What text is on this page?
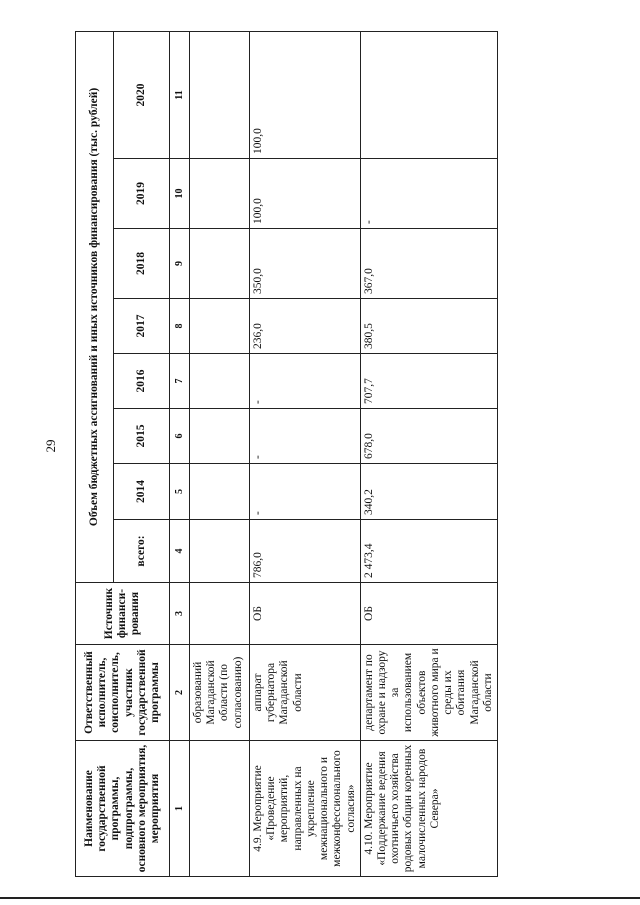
29
Наименование государственной программы, подпрограммы, основного мероприятия, мероприятия	Ответственный исполнитель, соисполнитель, участник государственной программы	Источник финанси-рования	Объем бюджетных ассигнований и иных источников финансирования (тыс. рублей)							
			всего:	2014	2015	2016	2017	2018	2019	2020
1	2	3	4	5	6	7	8	9	10	11
	образований Магаданской области (по согласованию)									
4.9. Мероприятие «Проведение мероприятий, направленных на укрепление межнационального и межконфессионального согласия»	аппарат губернатора Магаданской области	ОБ	786,0	-	-	-	236,0	350,0	100,0	100,0
4.10. Мероприятие «Поддержание ведения охотничьего хозяйства родовых общин коренных малочисленных народов Севера»	департамент по охране и надзору за использованием объектов животного мира и среды их обитания Магаданской области	ОБ	2 473,4	340,2	678,0	707,7	380,5	367,0	-	
